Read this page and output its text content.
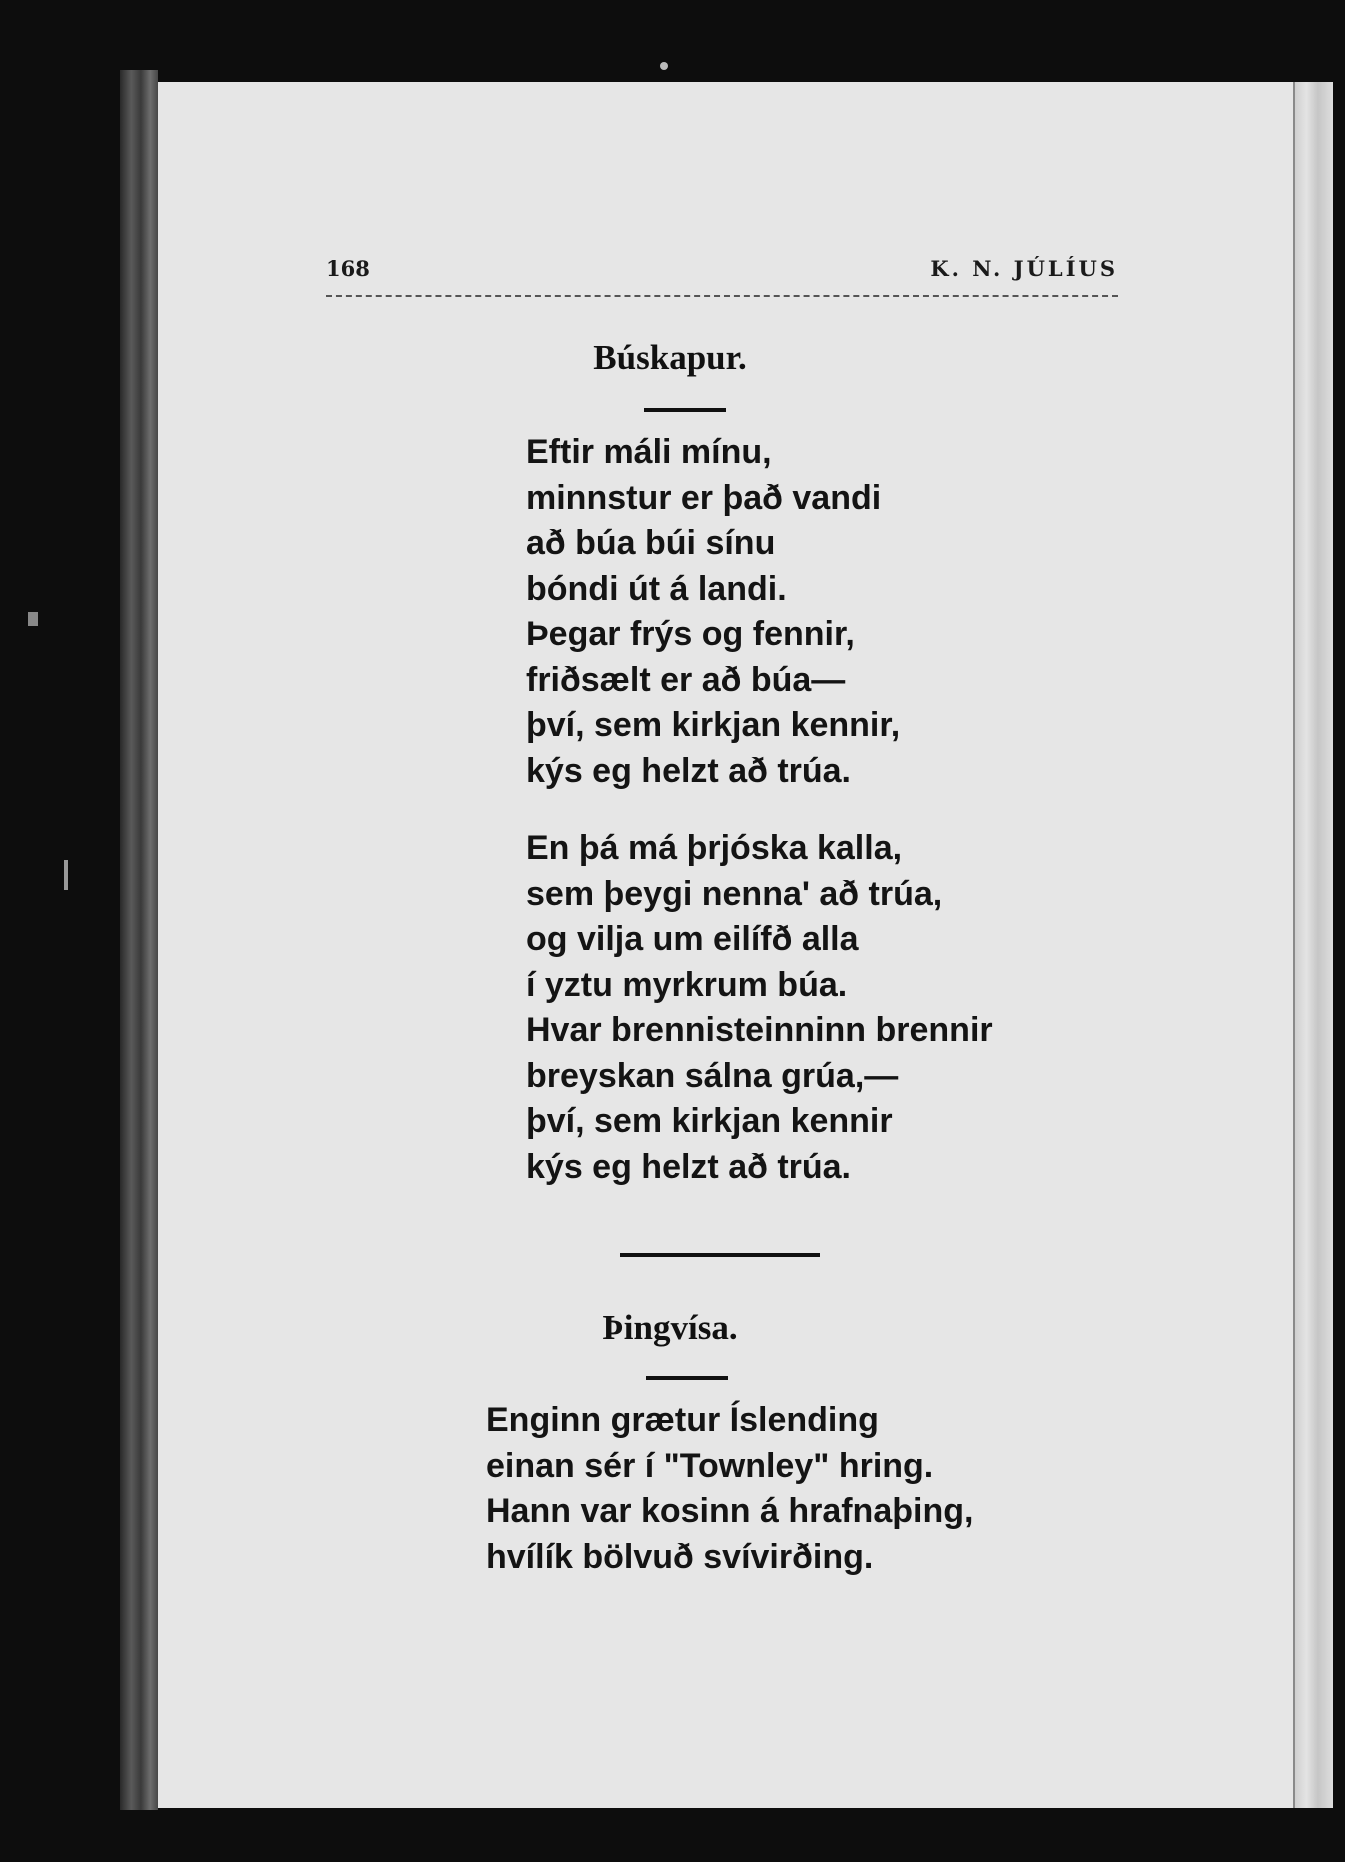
168	K. N. JÚLÍUS
Búskapur.
Eftir máli mínu,
minnstur er það vandi
að búa búi sínu
bóndi út á landi.
Þegar frýs og fennir,
friðsælt er að búa—
því, sem kirkjan kennir,
kýs eg helzt að trúa.
En þá má þrjóska kalla,
sem þeygi nenna' að trúa,
og vilja um eilífð alla
í yztu myrkrum búa.
Hvar brennisteinninn brennir
breyskan sálna grúa,—
því, sem kirkjan kennir
kýs eg helzt að trúa.
Þingvísa.
Enginn grætur Íslending
einan sér í "Townley" hring.
Hann var kosinn á hrafnaþing,
hvílík bölvuð svívirðing.
